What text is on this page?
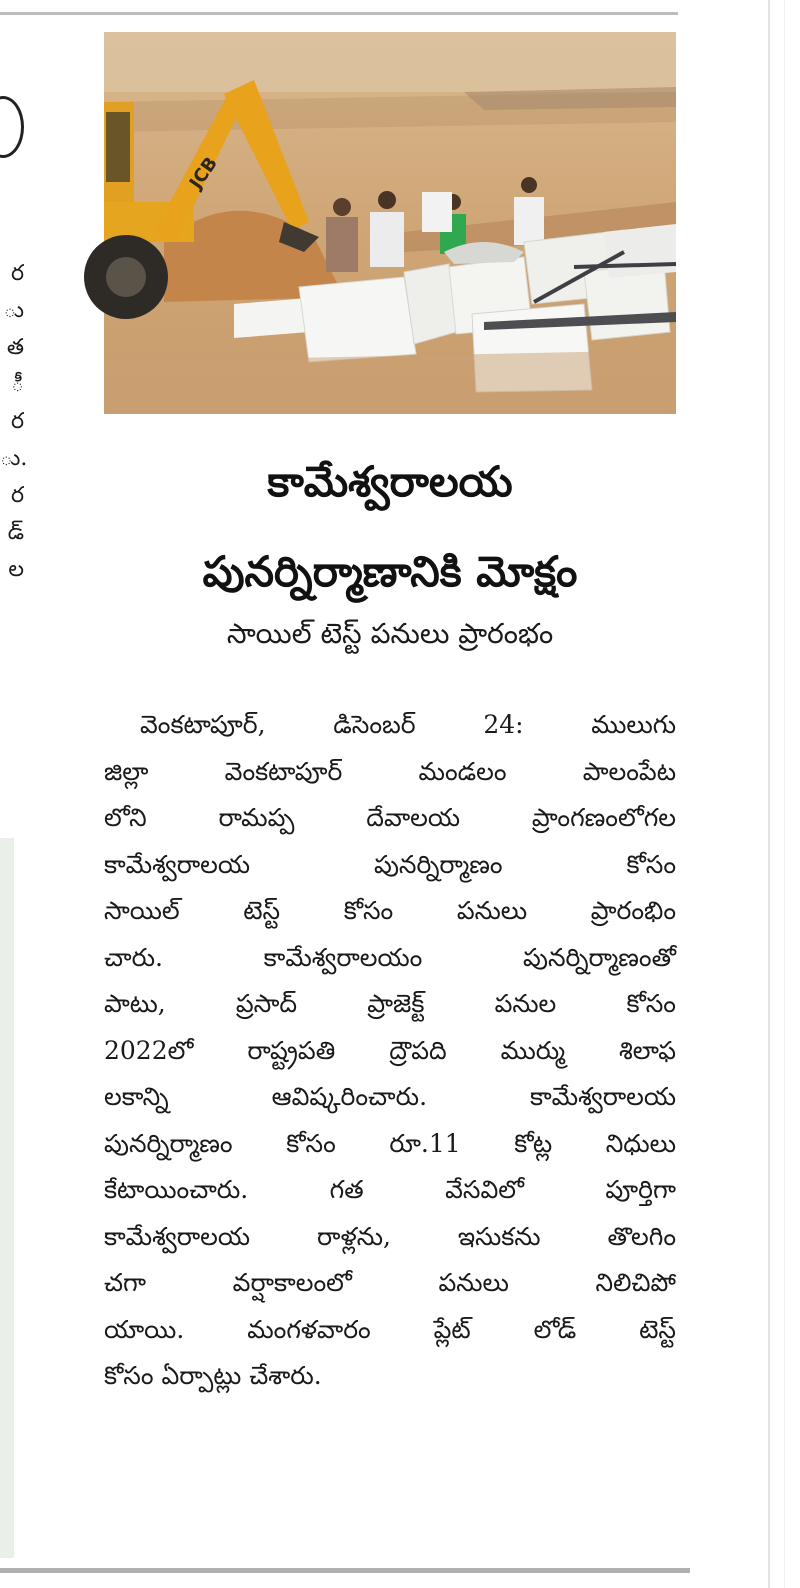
ర
ు
త
ీ
ర
ు.
ర
డ్
ల
JCB
కామేశ్వరాలయ
పునర్నిర్మాణానికి మోక్షం
సాయిల్ టెస్ట్ పనులు ప్రారంభం
వెంకటాపూర్, డిసెంబర్ 24: ములుగు
జిల్లా వెంకటాపూర్ మండలం పాలంపేట
లోని రామప్ప దేవాలయ ప్రాంగణంలోగల
కామేశ్వరాలయ పునర్నిర్మాణం కోసం
సాయిల్ టెస్ట్ కోసం పనులు ప్రారంభిం
చారు. కామేశ్వరాలయం పునర్నిర్మాణంతో
పాటు, ప్రసాద్ ప్రాజెక్ట్ పనుల కోసం
2022లో రాష్ట్రపతి ద్రౌపది ముర్ము శిలాఫ
లకాన్ని ఆవిష్కరించారు. కామేశ్వరాలయ
పునర్నిర్మాణం కోసం రూ.11 కోట్ల నిధులు
కేటాయించారు. గత వేసవిలో పూర్తిగా
కామేశ్వరాలయ రాళ్లను, ఇసుకను తొలగిం
చగా వర్షాకాలంలో పనులు నిలిచిపో
యాయి. మంగళవారం ప్లేట్ లోడ్ టెస్ట్
కోసం ఏర్పాట్లు చేశారు.
